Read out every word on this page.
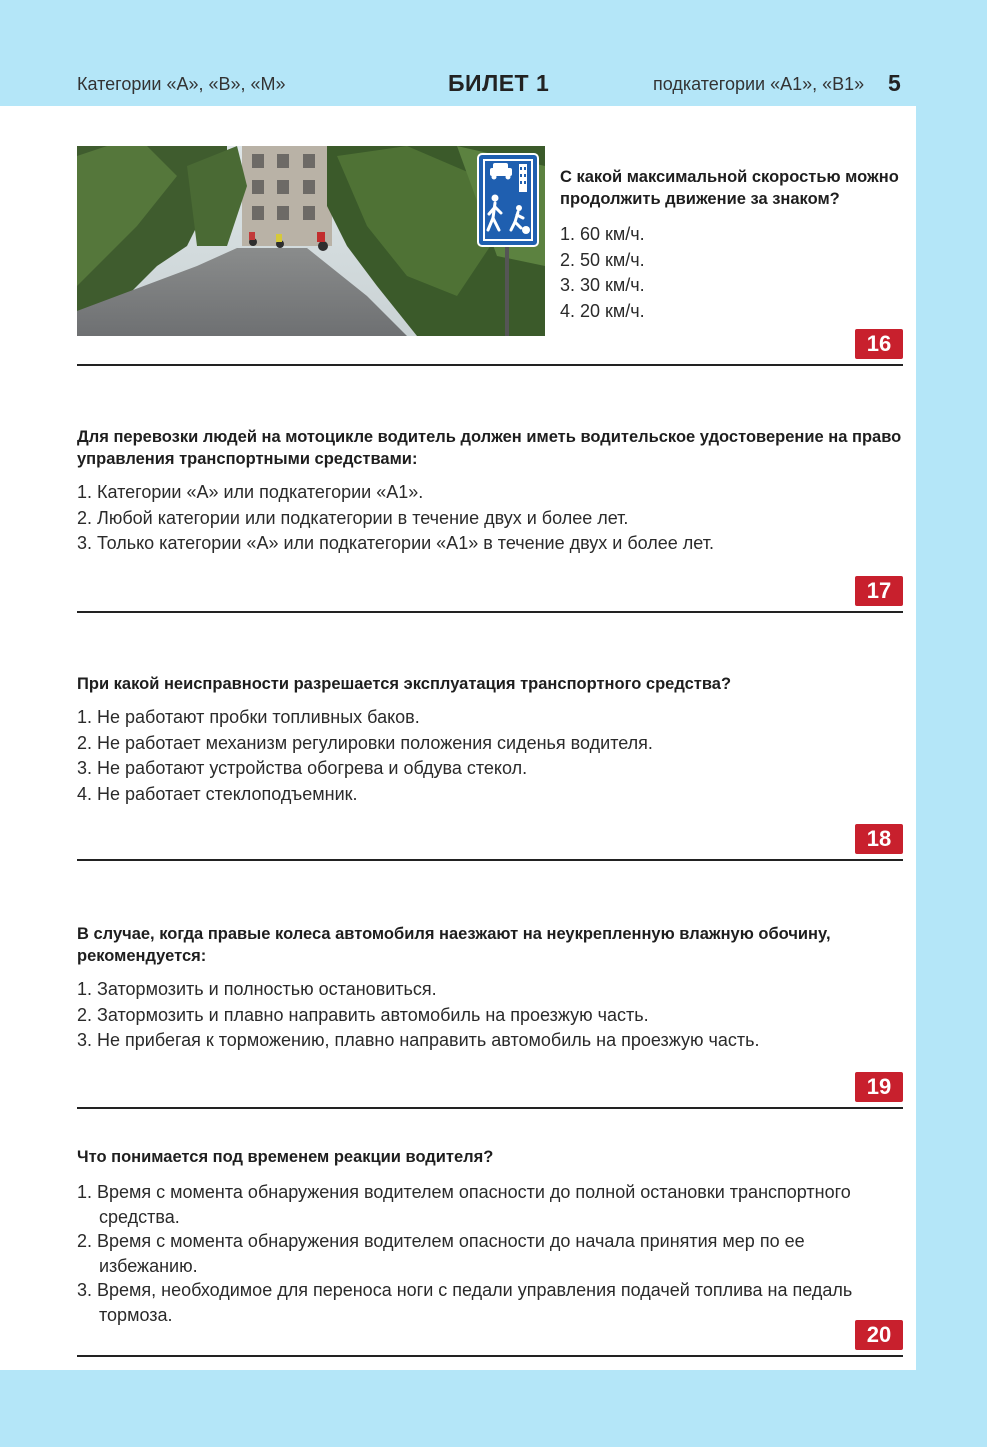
Категории «А», «В», «М»	БИЛЕТ 1	подкатегории «А1», «В1» 5

С какой максимальной скоростью можно продолжить движение за знаком?

1. 60 км/ч.
2. 50 км/ч.
3. 30 км/ч.
4. 20 км/ч.
16

Для перевозки людей на мотоцикле водитель должен иметь водительское удостоверение на право управления транспортными средствами:

1. Категории «А» или подкатегории «А1».
2. Любой категории или подкатегории в течение двух и более лет.
3. Только категории «А» или подкатегории «А1» в течение двух и более лет.
17

При какой неисправности разрешается эксплуатация транспортного средства?

1. Не работают пробки топливных баков.
2. Не работает механизм регулировки положения сиденья водителя.
3. Не работают устройства обогрева и обдува стекол.
4. Не работает стеклоподъемник.
18

В случае, когда правые колеса автомобиля наезжают на неукрепленную влажную обочину, рекомендуется:

1. Затормозить и полностью остановиться.
2. Затормозить и плавно направить автомобиль на проезжую часть.
3. Не прибегая к торможению, плавно направить автомобиль на проезжую часть.
19

Что понимается под временем реакции водителя?

1. Время с момента обнаружения водителем опасности до полной остановки транспортного средства.
2. Время с момента обнаружения водителем опасности до начала принятия мер по ее избежанию.
3. Время, необходимое для переноса ноги с педали управления подачей топлива на педаль тормоза.
20
